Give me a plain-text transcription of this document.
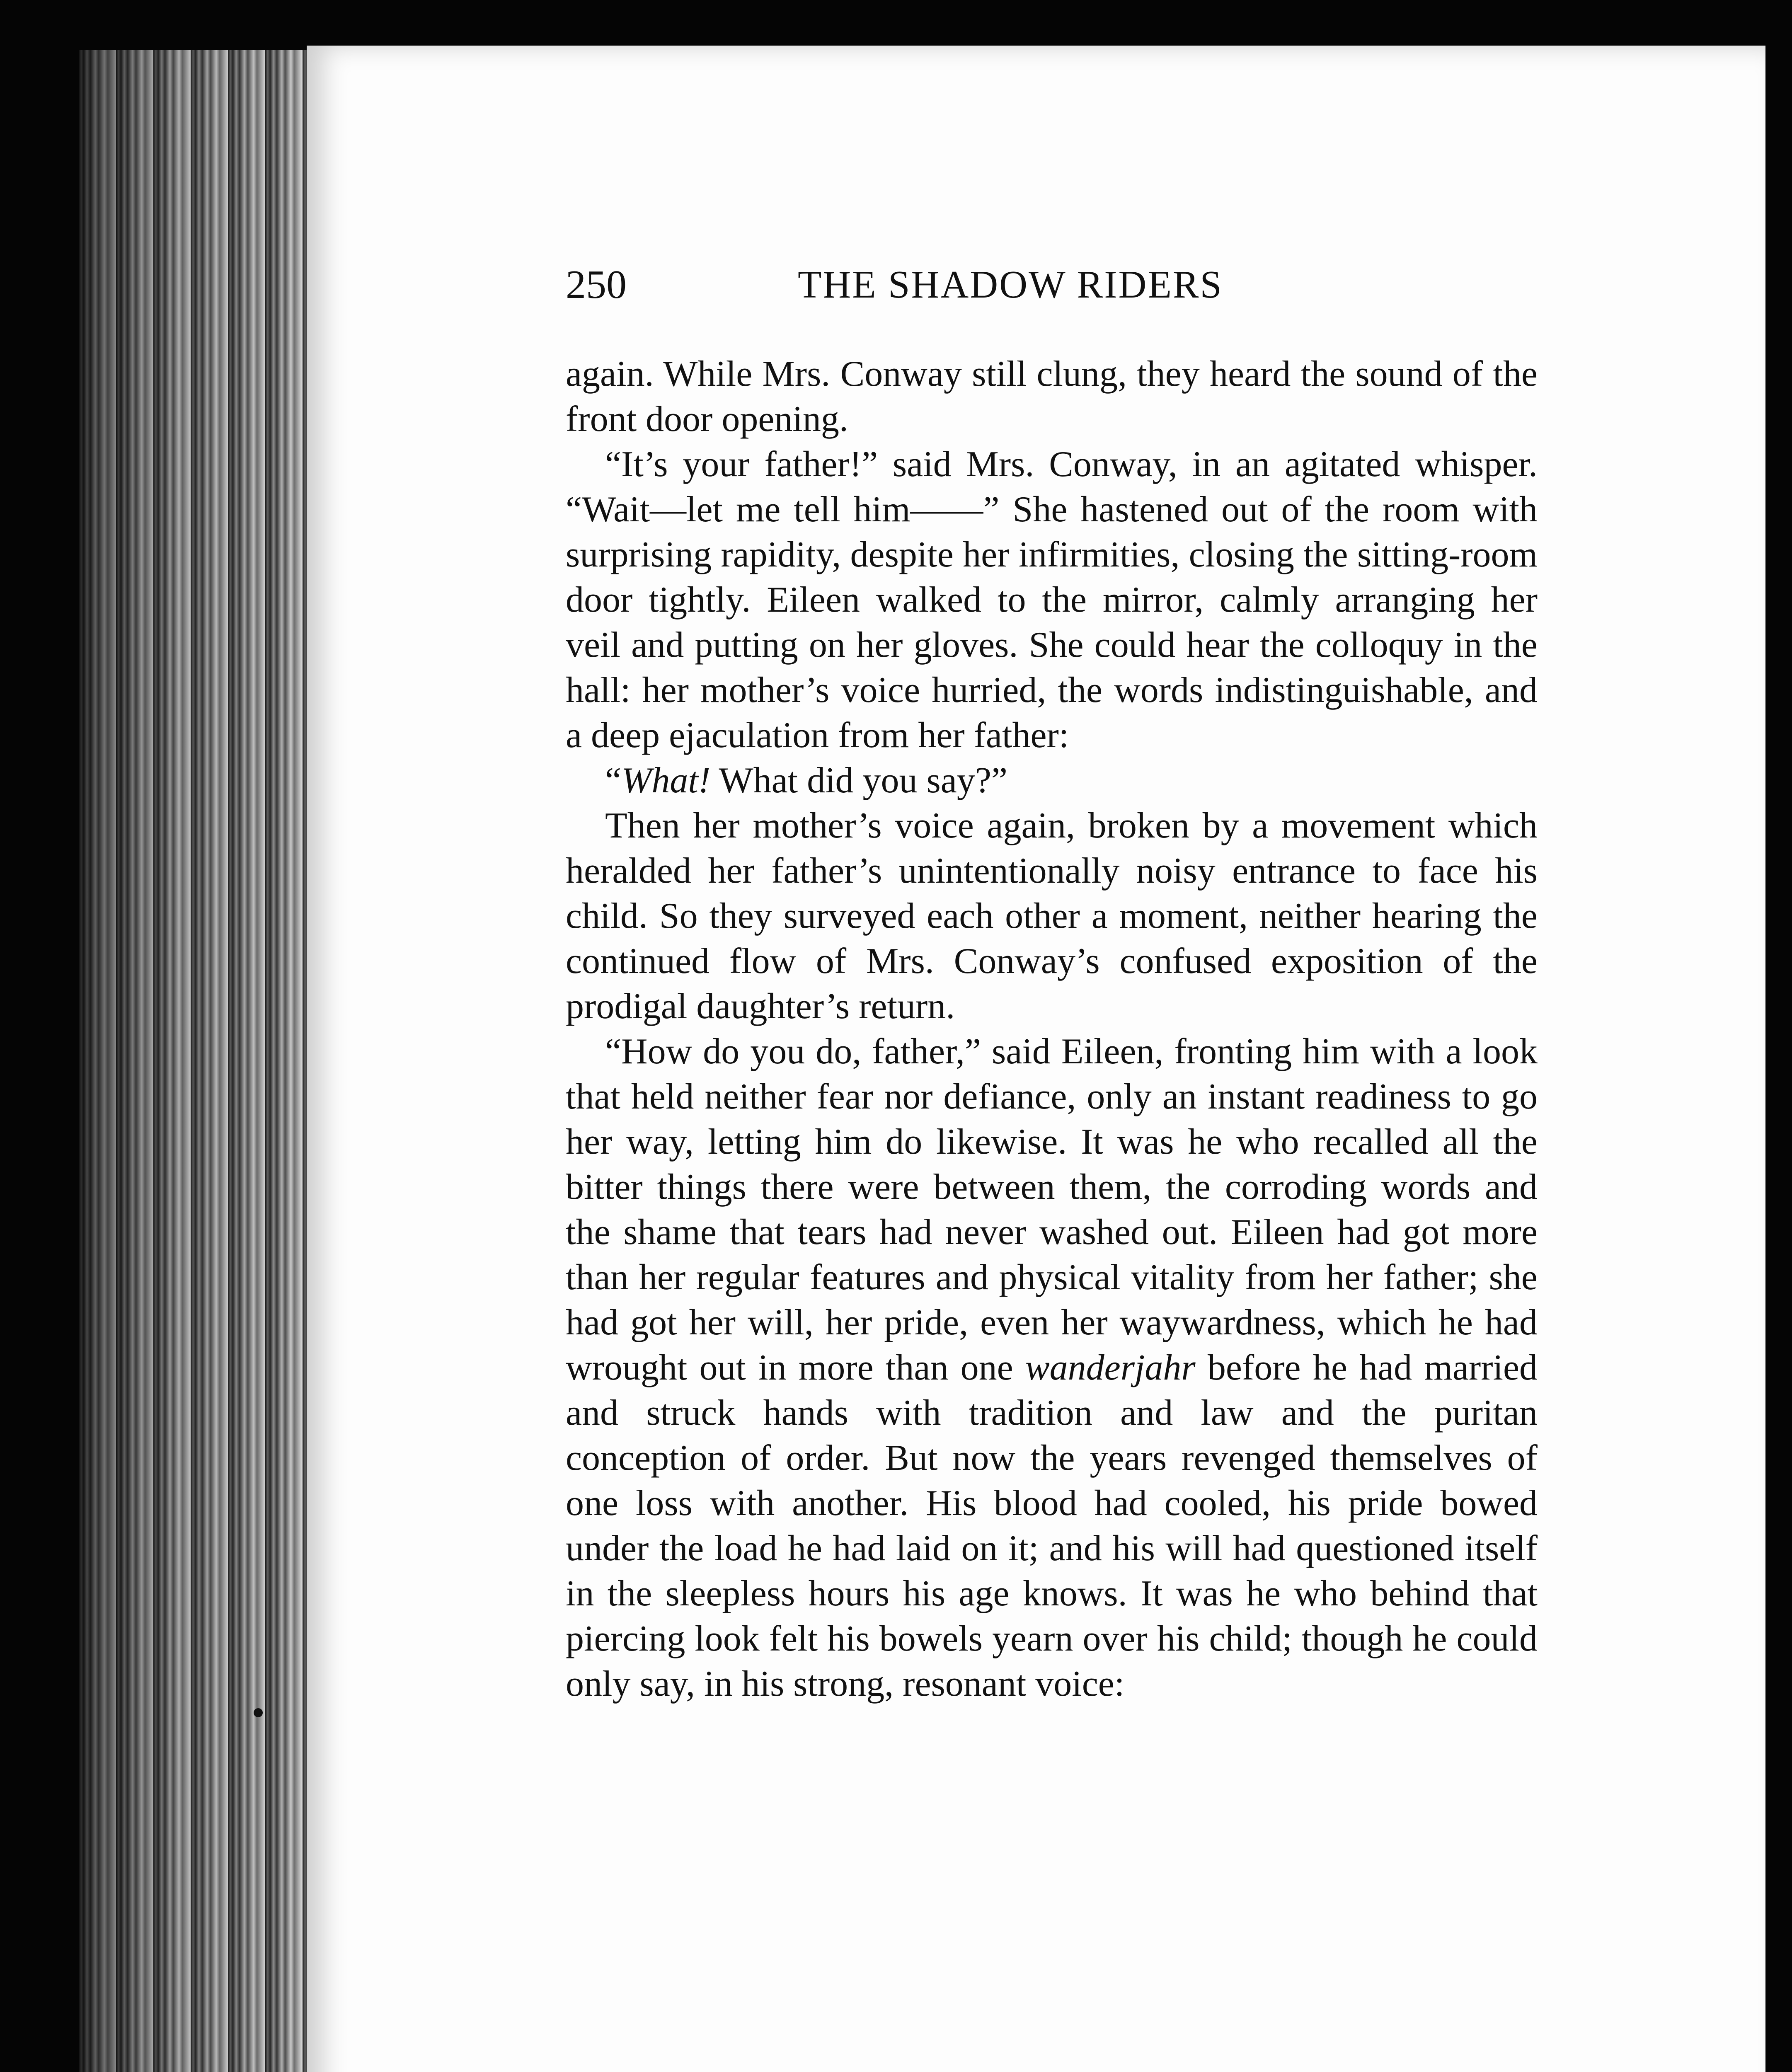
250	THE SHADOW RIDERS

again. While Mrs. Conway still clung, they heard the sound of the front door opening.

“It’s your father!” said Mrs. Conway, in an agitated whisper. “Wait—let me tell him——” She hastened out of the room with surprising rapidity, despite her infirmities, closing the sitting-room door tightly. Eileen walked to the mirror, calmly arranging her veil and putting on her gloves. She could hear the colloquy in the hall: her mother’s voice hurried, the words indistinguishable, and a deep ejaculation from her father:

“What! What did you say?”

Then her mother’s voice again, broken by a movement which heralded her father’s unintentionally noisy entrance to face his child. So they surveyed each other a moment, neither hearing the continued flow of Mrs. Conway’s confused exposition of the prodigal daughter’s return.

“How do you do, father,” said Eileen, fronting him with a look that held neither fear nor defiance, only an instant readiness to go her way, letting him do likewise. It was he who recalled all the bitter things there were between them, the corroding words and the shame that tears had never washed out. Eileen had got more than her regular features and physical vitality from her father; she had got her will, her pride, even her waywardness, which he had wrought out in more than one wanderjahr before he had married and struck hands with tradition and law and the puritan conception of order. But now the years revenged themselves of one loss with another. His blood had cooled, his pride bowed under the load he had laid on it; and his will had questioned itself in the sleepless hours his age knows. It was he who behind that piercing look felt his bowels yearn over his child; though he could only say, in his strong, resonant voice:
